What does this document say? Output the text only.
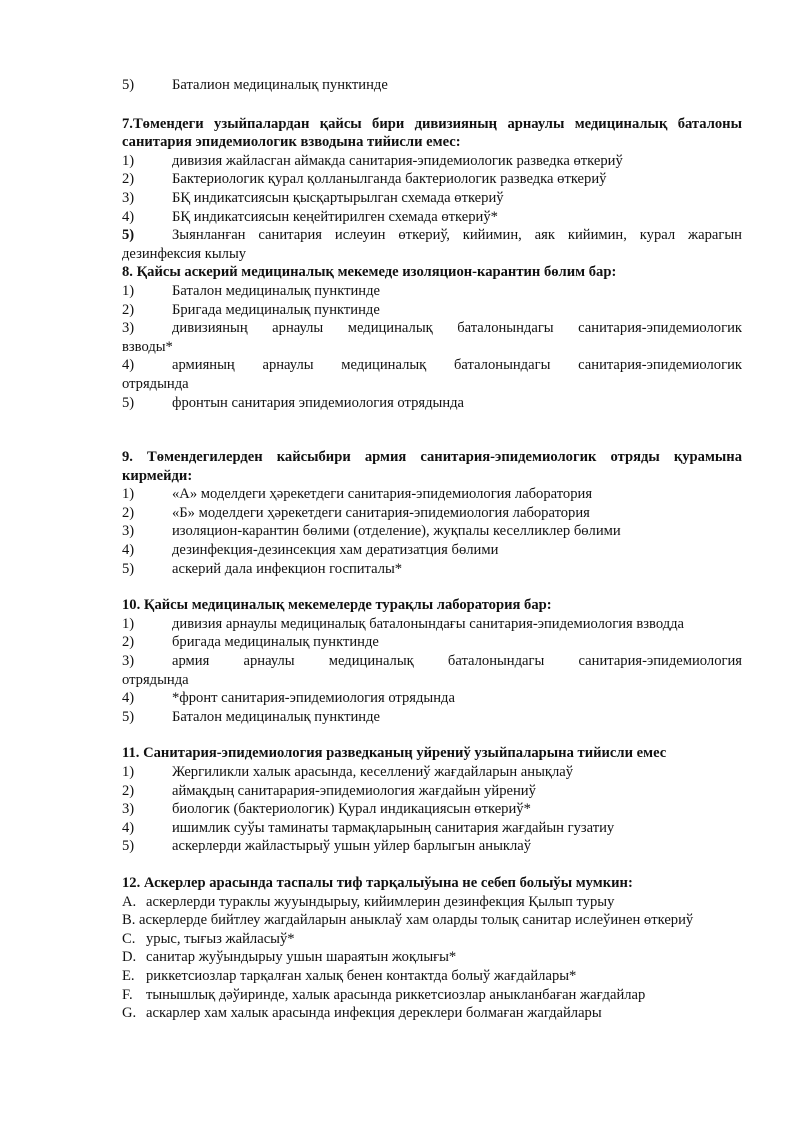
5)	Баталион медициналық пунктинде
7.Төмендеги узыйпалардан қайсы бири дивизияның арнаулы медициналық баталоны санитария эпидемиологик взводына тийисли емес:
1)	дивизия жайласган аймакда санитария-эпидемиологик разведка өткериў
2)	Бактериологик қурал қолланылганда бактериологик разведка өткериў
3)	БҚ индикатсиясын қысқартырылган схемада өткериў
4)	БҚ индикатсиясын кеңейтирилген схемада өткериў*
5)	Зыянланған санитария ислеуин өткериў, кийимин, аяк кийимин, курал жарагын
дезинфексия кылыу
8. Қайсы аскерий медициналық мекемеде изоляцион-карантин бөлим бар:
1)	Баталон медициналық пунктинде
2)	Бригада медициналық пунктинде
3)	дивизияның арнаулы медициналық баталонындагы санитария-эпидемиологик
взводы*
4)	армияның арнаулы медициналық баталонындагы санитария-эпидемиологик
отрядында
5)	фронтын санитария эпидемиология отрядында
9. Төмендегилерден кайсыбири армия санитария-эпидемиологик отряды қурамына кирмейди:
1)	«А» моделдеги ҳәрекетдеги санитария-эпидемиология лаборатория
2)	«Б» моделдеги ҳәрекетдеги санитария-эпидемиология лаборатория
3)	изоляцион-карантин бөлими (отделение), жуқпалы кеселликлер бөлими
4)	дезинфекция-дезинсекция хам дератизатция бөлими
5)	аскерий дала инфекцион госпиталы*
10. Қайсы медициналық мекемелерде турақлы лаборатория бар:
1)	дивизия арнаулы медициналық баталонындағы санитария-эпидемиология взводда
2)	бригада медициналық пунктинде
3)	армия арнаулы медициналық баталонындагы санитария-эпидемиология
отрядында
4)	*фронт санитария-эпидемиология отрядында
5)	Баталон медициналық пунктинде
11. Санитария-эпидемиология разведканың уйрениў узыйпаларына тийисли емес
1)	Жергиликли халык арасында, кеселлениў жағдайларын анықлаў
2)	аймақдың санитарария-эпидемиология жағдайын уйрениў
3)	биологик (бактериологик) Қурал индикациясын өткериў*
4)	ишимлик суўы таминаты тармақларының санитария жағдайын гузатиу
5)	аскерлерди жайластырыў ушын уйлер барлыгын аныклаў
12. Аскерлер арасында таспалы тиф тарқалыўына не себеп болыўы мумкин:
A. аскерлерди тураклы жууындырыу, кийимлерин дезинфекция Қылып турыу
B. аскерлерде бийтлеу жагдайларын аныклаў хам оларды толық санитар ислеўинен өткериў
C. урыс, тығыз жайласыў*
D. санитар жуўындырыу ушын шараятын жоқлығы*
E. риккетсиозлар тарқалған халық бенен контактда болыў жағдайлары*
F. тынышлық дәўиринде, халык арасында риккетсиозлар аныкланбаған жағдайлар
G. аскарлер хам халык арасында инфекция дереклери болмаған жагдайлары
